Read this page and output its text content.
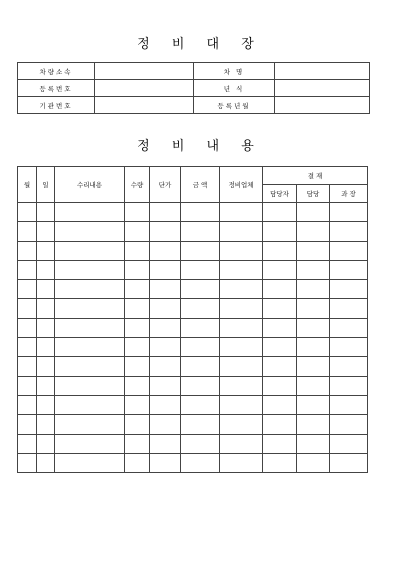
정 비 대 장
차량소속		차 명	
등록번호		년 식	
기관번호		등록년월	
정 비 내 용
월	일	수리내용	수량	단가	금 액	정비업체	결 재		
							담당자	담당	과 장
